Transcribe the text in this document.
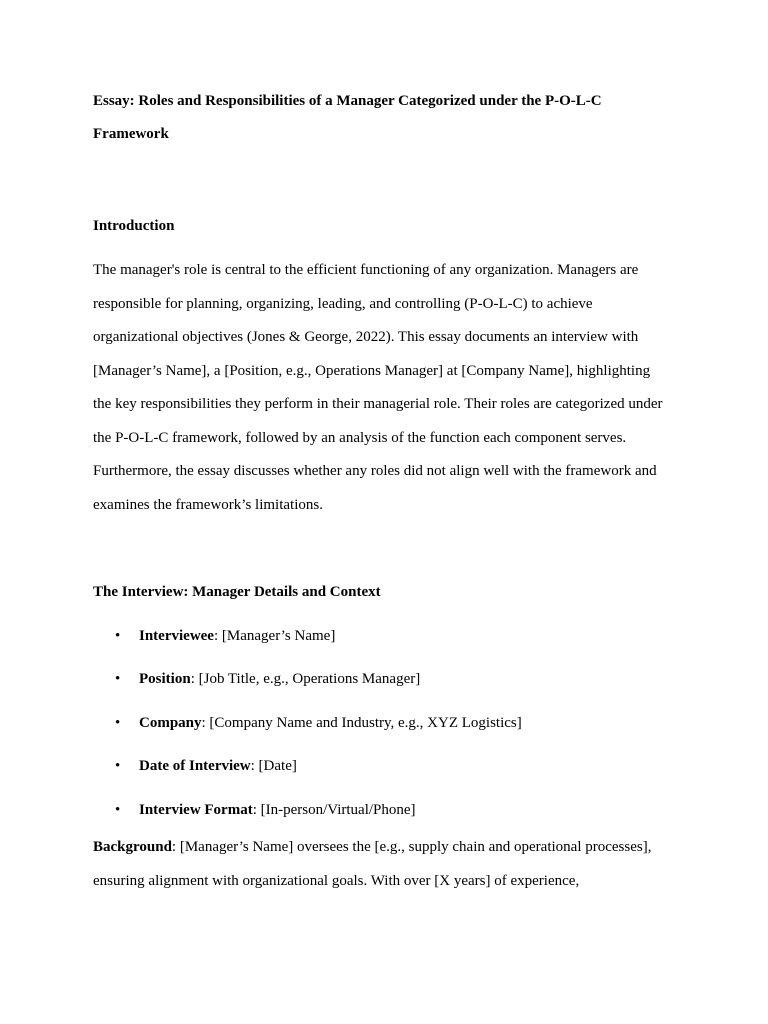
Essay: Roles and Responsibilities of a Manager Categorized under the P-O-L-C
Framework

Introduction

The manager's role is central to the efficient functioning of any organization. Managers are responsible for planning, organizing, leading, and controlling (P-O-L-C) to achieve organizational objectives (Jones & George, 2022). This essay documents an interview with [Manager’s Name], a [Position, e.g., Operations Manager] at [Company Name], highlighting the key responsibilities they perform in their managerial role. Their roles are categorized under the P-O-L-C framework, followed by an analysis of the function each component serves. Furthermore, the essay discusses whether any roles did not align well with the framework and examines the framework’s limitations.

The Interview: Manager Details and Context

• Interviewee: [Manager’s Name]
• Position: [Job Title, e.g., Operations Manager]
• Company: [Company Name and Industry, e.g., XYZ Logistics]
• Date of Interview: [Date]
• Interview Format: [In-person/Virtual/Phone]

Background: [Manager’s Name] oversees the [e.g., supply chain and operational processes], ensuring alignment with organizational goals. With over [X years] of experience,
